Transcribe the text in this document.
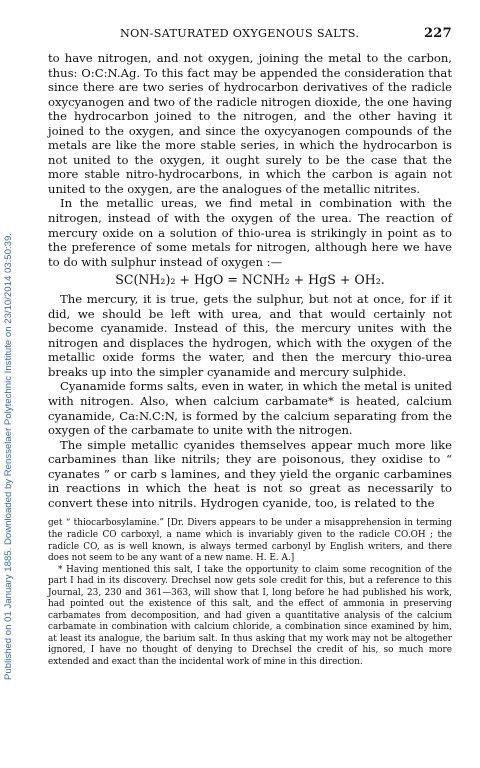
Published on 01 January 1885. Downloaded by Rensselaer Polytechnic Institute on 23/10/2014 03:50:39.
NON-SATURATED OXYGENOUS SALTS.	227

to have nitrogen, and not oxygen, joining the metal to the carbon, thus: O:C:N.Ag. To this fact may be appended the consideration that since there are two series of hydrocarbon derivatives of the radicle oxycyanogen and two of the radicle nitrogen dioxide, the one having the hydrocarbon joined to the nitrogen, and the other having it joined to the oxygen, and since the oxycyanogen compounds of the metals are like the more stable series, in which the hydrocarbon is not united to the oxygen, it ought surely to be the case that the more stable nitro-hydrocarbons, in which the carbon is again not united to the oxygen, are the analogues of the metallic nitrites.

In the metallic ureas, we find metal in combination with the nitrogen, instead of with the oxygen of the urea. The reaction of mercury oxide on a solution of thio-urea is strikingly in point as to the preference of some metals for nitrogen, although here we have to do with sulphur instead of oxygen :—

SC(NH₂)₂ + HgO = NCNH₂ + HgS + OH₂.

The mercury, it is true, gets the sulphur, but not at once, for if it did, we should be left with urea, and that would certainly not become cyanamide. Instead of this, the mercury unites with the nitrogen and displaces the hydrogen, which with the oxygen of the metallic oxide forms the water, and then the mercury thio-urea breaks up into the simpler cyanamide and mercury sulphide.

Cyanamide forms salts, even in water, in which the metal is united with nitrogen. Also, when calcium carbamate* is heated, calcium cyanamide, Ca:N.C:N, is formed by the calcium separating from the oxygen of the carbamate to unite with the nitrogen.

The simple metallic cyanides themselves appear much more like carbamines than like nitrils; they are poisonous, they oxidise to “ cyanates ” or carb s lamines, and they yield the organic carbamines in reactions in which the heat is not so great as necessarily to convert these into nitrils. Hydrogen cyanide, too, is related to the

get “ thiocarbosylamine.” [Dr. Divers appears to be under a misapprehension in terming the radicle CO carboxyl, a name which is invariably given to the radicle CO.OH ; the radicle CO, as is well known, is always termed carbonyl by English writers, and there does not seem to be any want of a new name. H. E. A.]

* Having mentioned this salt, I take the opportunity to claim some recognition of the part I had in its discovery. Drechsel now gets sole credit for this, but a reference to this Journal, 23, 230 and 361—363, will show that I, long before he had published his work, had pointed out the existence of this salt, and the effect of ammonia in preserving carbamates from decomposition, and had given a quantitative analysis of the calcium carbamate in combination with calcium chloride, a combination since examined by him, at least its analogue, the barium salt. In thus asking that my work may not be altogether ignored, I have no thought of denying to Drechsel the credit of his, so much more extended and exact than the incidental work of mine in this direction.
